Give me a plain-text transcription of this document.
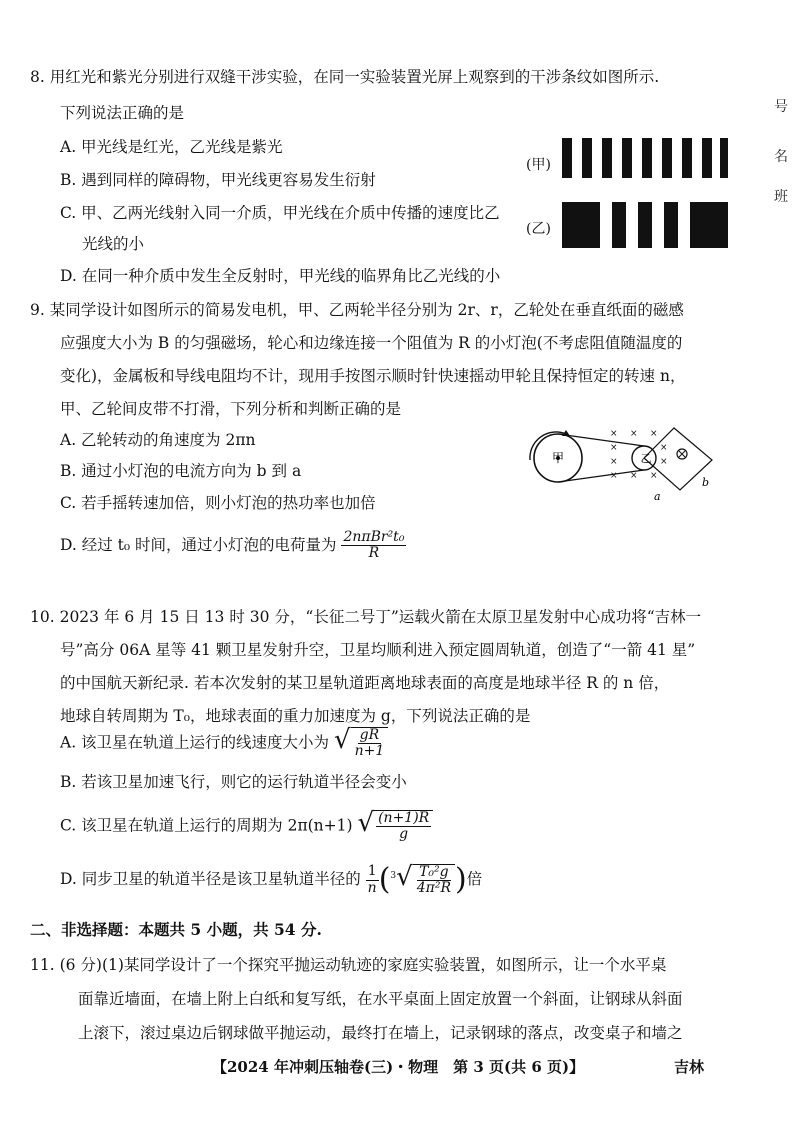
8. 用红光和紫光分别进行双缝干涉实验，在同一实验装置光屏上观察到的干涉条纹如图所示.
下列说法正确的是
A. 甲光线是红光，乙光线是紫光
B. 遇到同样的障碍物，甲光线更容易发生衍射
C. 甲、乙两光线射入同一介质，甲光线在介质中传播的速度比乙
光线的小
D. 在同一种介质中发生全反射时，甲光线的临界角比乙光线的小
(甲)
(乙)
9. 某同学设计如图所示的简易发电机，甲、乙两轮半径分别为 2r、r，乙轮处在垂直纸面的磁感
应强度大小为 B 的匀强磁场，轮心和边缘连接一个阻值为 R 的小灯泡(不考虑阻值随温度的
变化)，金属板和导线电阻均不计，现用手按图示顺时针快速摇动甲轮且保持恒定的转速 n，
甲、乙轮间皮带不打滑，下列分析和判断正确的是
A. 乙轮转动的角速度为 2πn
B. 通过小灯泡的电流方向为 b 到 a
C. 若手摇转速加倍，则小灯泡的热功率也加倍
D. 经过 t₀ 时间，通过小灯泡的电荷量为 $\frac{\text{2nπBr²t₀}}{R}$
甲	乙
× × ×
×	×
×	×
× × ×	b
a
10. 2023 年 6 月 15 日 13 时 30 分，“长征二号丁”运载火箭在太原卫星发射中心成功将“吉林一
号”高分 06A 星等 41 颗卫星发射升空，卫星均顺利进入预定圆周轨道，创造了“一箭 41 星”
的中国航天新纪录. 若本次发射的某卫星轨道距离地球表面的高度是地球半径 R 的 n 倍，
地球自转周期为 T₀，地球表面的重力加速度为 g，下列说法正确的是
A. 该卫星在轨道上运行的线速度大小为 √ $\frac{gR}{n+1}$
B. 若该卫星加速飞行，则它的运行轨道半径会变小
C. 该卫星在轨道上运行的周期为 2π(n+1) √ $\frac{(n+1)R}{g}$
D. 同步卫星的轨道半径是该卫星轨道半径的 $\frac{1}{n} (^3$ √ $\frac{\text{T₀²g}}{\text{4π²R}}$ )倍
二、非选择题：本题共 5 小题，共 54 分.
11. (6 分)(1)某同学设计了一个探究平抛运动轨迹的家庭实验装置，如图所示，让一个水平桌
面靠近墙面，在墙上附上白纸和复写纸，在水平桌面上固定放置一个斜面，让钢球从斜面
上滚下，滚过桌边后钢球做平抛运动，最终打在墙上，记录钢球的落点，改变桌子和墙之
【2024 年冲刺压轴卷(三)・物理　第 3 页(共 6 页)】	吉林
号
名
班
